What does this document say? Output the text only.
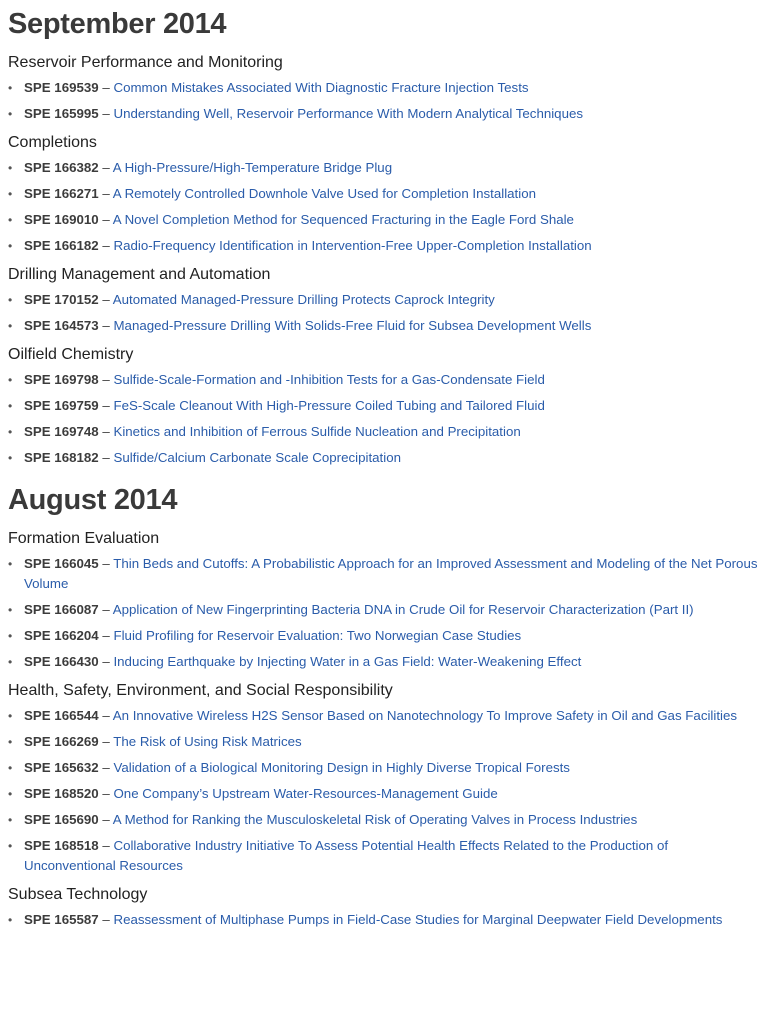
September 2014
Reservoir Performance and Monitoring
• SPE 169539 – Common Mistakes Associated With Diagnostic Fracture Injection Tests
• SPE 165995 – Understanding Well, Reservoir Performance With Modern Analytical Techniques
Completions
• SPE 166382 – A High-Pressure/High-Temperature Bridge Plug
• SPE 166271 – A Remotely Controlled Downhole Valve Used for Completion Installation
• SPE 169010 – A Novel Completion Method for Sequenced Fracturing in the Eagle Ford Shale
• SPE 166182 – Radio-Frequency Identification in Intervention-Free Upper-Completion Installation
Drilling Management and Automation
• SPE 170152 – Automated Managed-Pressure Drilling Protects Caprock Integrity
• SPE 164573 – Managed-Pressure Drilling With Solids-Free Fluid for Subsea Development Wells
Oilfield Chemistry
• SPE 169798 – Sulfide-Scale-Formation and -Inhibition Tests for a Gas-Condensate Field
• SPE 169759 – FeS-Scale Cleanout With High-Pressure Coiled Tubing and Tailored Fluid
• SPE 169748 – Kinetics and Inhibition of Ferrous Sulfide Nucleation and Precipitation
• SPE 168182 – Sulfide/Calcium Carbonate Scale Coprecipitation
August 2014
Formation Evaluation
• SPE 166045 – Thin Beds and Cutoffs: A Probabilistic Approach for an Improved Assessment and Modeling of the Net Porous Volume
• SPE 166087 – Application of New Fingerprinting Bacteria DNA in Crude Oil for Reservoir Characterization (Part II)
• SPE 166204 – Fluid Profiling for Reservoir Evaluation: Two Norwegian Case Studies
• SPE 166430 – Inducing Earthquake by Injecting Water in a Gas Field: Water-Weakening Effect
Health, Safety, Environment, and Social Responsibility
• SPE 166544 – An Innovative Wireless H2S Sensor Based on Nanotechnology To Improve Safety in Oil and Gas Facilities
• SPE 166269 – The Risk of Using Risk Matrices
• SPE 165632 – Validation of a Biological Monitoring Design in Highly Diverse Tropical Forests
• SPE 168520 – One Company’s Upstream Water-Resources-Management Guide
• SPE 165690 – A Method for Ranking the Musculoskeletal Risk of Operating Valves in Process Industries
• SPE 168518 – Collaborative Industry Initiative To Assess Potential Health Effects Related to the Production of Unconventional Resources
Subsea Technology
• SPE 165587 – Reassessment of Multiphase Pumps in Field-Case Studies for Marginal Deepwater Field Developments
